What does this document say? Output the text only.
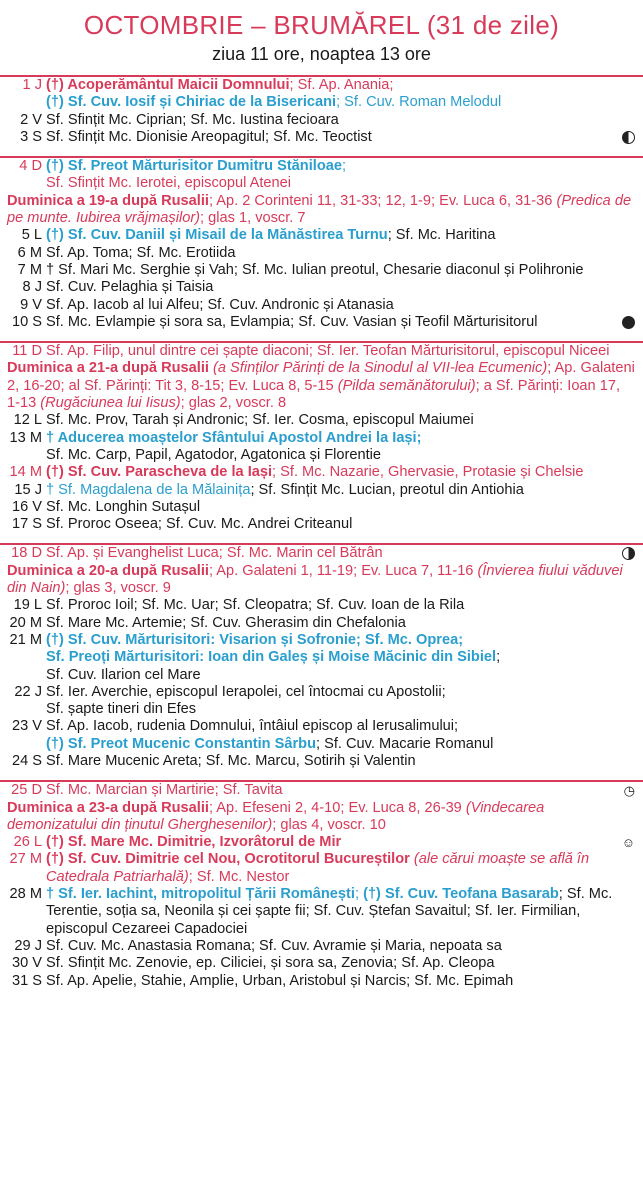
OCTOMBRIE – BRUMĂREL (31 de zile)
ziua 11 ore, noaptea 13 ore
1 J (†) Acoperământul Maicii Domnului; Sf. Ap. Anania;
(†) Sf. Cuv. Iosif și Chiriac de la Bisericani; Sf. Cuv. Roman Melodul
2 V Sf. Sfințit Mc. Ciprian; Sf. Mc. Iustina fecioara
3 S Sf. Sfințit Mc. Dionisie Areopagitul; Sf. Mc. Teoctist
4 D (†) Sf. Preot Mărturisitor Dumitru Stăniloae;
Sf. Sfințit Mc. Ierotei, episcopul Atenei
Duminica a 19-a după Rusalii; Ap. 2 Corinteni 11, 31-33; 12, 1-9; Ev. Luca 6, 31-36 (Predica de pe munte. Iubirea vrăjmașilor); glas 1, voscr. 7
5 L (†) Sf. Cuv. Daniil și Misail de la Mănăstirea Turnu; Sf. Mc. Haritina
6 M Sf. Ap. Toma; Sf. Mc. Erotiida
7 M † Sf. Mari Mc. Serghie și Vah; Sf. Mc. Iulian preotul, Chesarie diaconul și Polihronie
8 J Sf. Cuv. Pelaghia și Taisia
9 V Sf. Ap. Iacob al lui Alfeu; Sf. Cuv. Andronic și Atanasia
10 S Sf. Mc. Evlampie și sora sa, Evlampia; Sf. Cuv. Vasian și Teofil Mărturisitorul
11 D Sf. Ap. Filip, unul dintre cei șapte diaconi; Sf. Ier. Teofan Mărturisitorul, episcopul Niceei
Duminica a 21-a după Rusalii (a Sfinților Părinți de la Sinodul al VII-lea Ecumenic); Ap. Galateni 2, 16-20; al Sf. Părinți: Tit 3, 8-15; Ev. Luca 8, 5-15 (Pilda semănătorului); a Sf. Părinți: Ioan 17, 1-13 (Rugăciunea lui Iisus); glas 2, voscr. 8
12 L Sf. Mc. Prov, Tarah și Andronic; Sf. Ier. Cosma, episcopul Maiumei
13 M † Aducerea moaștelor Sfântului Apostol Andrei la Iași;
Sf. Mc. Carp, Papil, Agatodor, Agatonica și Florentie
14 M (†) Sf. Cuv. Parascheva de la Iași; Sf. Mc. Nazarie, Ghervasie, Protasie și Chelsie
15 J † Sf. Magdalena de la Mălainița; Sf. Sfințit Mc. Lucian, preotul din Antiohia
16 V Sf. Mc. Longhin Sutașul
17 S Sf. Proroc Oseea; Sf. Cuv. Mc. Andrei Criteanul
18 D Sf. Ap. și Evanghelist Luca; Sf. Mc. Marin cel Bătrân
Duminica a 20-a după Rusalii; Ap. Galateni 1, 11-19; Ev. Luca 7, 11-16 (Învierea fiului văduvei din Nain); glas 3, voscr. 9
19 L Sf. Proroc Ioil; Sf. Mc. Uar; Sf. Cleopatra; Sf. Cuv. Ioan de la Rila
20 M Sf. Mare Mc. Artemie; Sf. Cuv. Gherasim din Chefalonia
21 M (†) Sf. Cuv. Mărturisitori: Visarion și Sofronie; Sf. Mc. Oprea;
Sf. Preoți Mărturisitori: Ioan din Galeș și Moise Măcinic din Sibiel;
Sf. Cuv. Ilarion cel Mare
22 J Sf. Ier. Averchie, episcopul Ierapolei, cel întocmai cu Apostolii;
Sf. șapte tineri din Efes
23 V Sf. Ap. Iacob, rudenia Domnului, întâiul episcop al Ierusalimului;
(†) Sf. Preot Mucenic Constantin Sârbu; Sf. Cuv. Macarie Romanul
24 S Sf. Mare Mucenic Areta; Sf. Mc. Marcu, Sotirih și Valentin
25 D Sf. Mc. Marcian și Martirie; Sf. Tavita	◷
Duminica a 23-a după Rusalii; Ap. Efeseni 2, 4-10; Ev. Luca 8, 26-39 (Vindecarea demonizatului din ținutul Gherghesenilor); glas 4, voscr. 10
26 L (†) Sf. Mare Mc. Dimitrie, Izvorâtorul de Mir	☺
27 M (†) Sf. Cuv. Dimitrie cel Nou, Ocrotitorul Bucureștilor (ale cărui moaște se află în Catedrala Patriarhală); Sf. Mc. Nestor
28 M † Sf. Ier. Iachint, mitropolitul Țării Românești; (†) Sf. Cuv. Teofana Basarab; Sf. Mc. Terentie, soția sa, Neonila și cei șapte fii; Sf. Cuv. Ștefan Savaitul; Sf. Ier. Firmilian, episcopul Cezareei Capadociei
29 J Sf. Cuv. Mc. Anastasia Romana; Sf. Cuv. Avramie și Maria, nepoata sa
30 V Sf. Sfințit Mc. Zenovie, ep. Ciliciei, și sora sa, Zenovia; Sf. Ap. Cleopa
31 S Sf. Ap. Apelie, Stahie, Amplie, Urban, Aristobul și Narcis; Sf. Mc. Epimah
